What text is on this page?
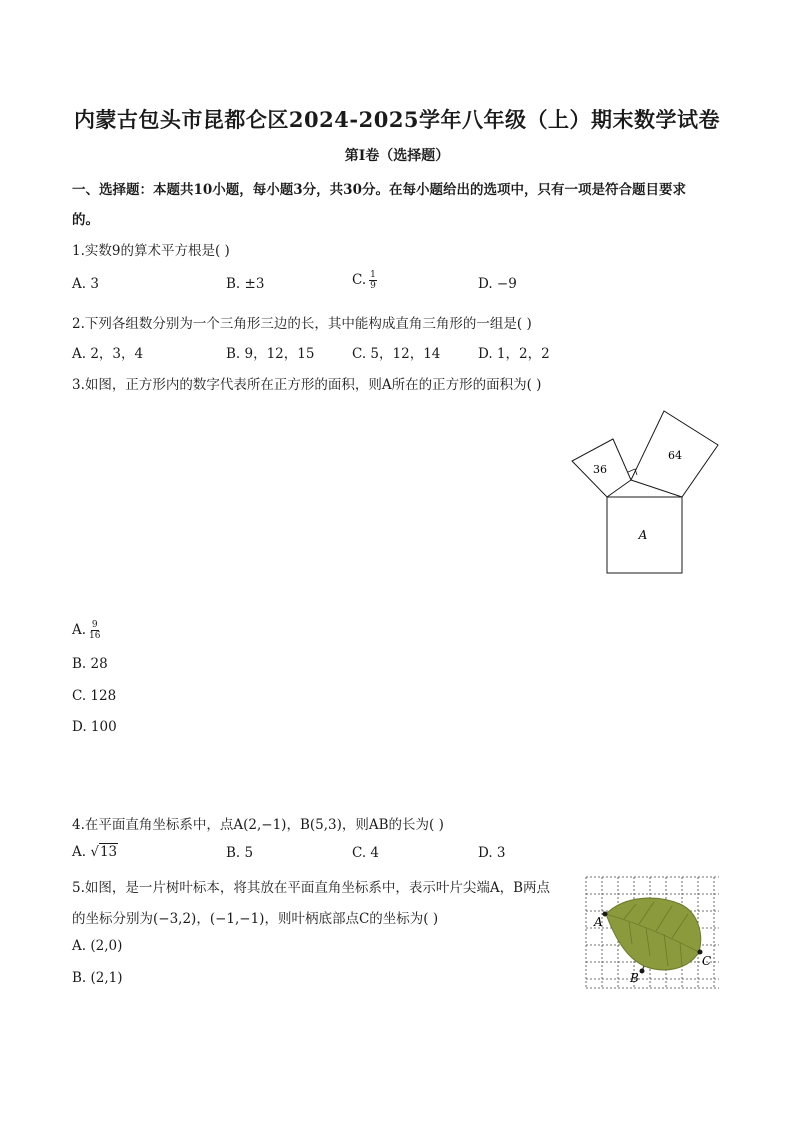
内蒙古包头市昆都仑区2024-2025学年八年级（上）期末数学试卷
第I卷（选择题）
一、选择题：本题共10小题，每小题3分，共30分。在每小题给出的选项中，只有一项是符合题目要求
的。
1.实数9的算术平方根是( )
A. 3	B. ±3	C. $\frac{1}{9}$	D. −9
2.下列各组数分别为一个三角形三边的长，其中能构成直角三角形的一组是( )
A. 2，3，4	B. 9，12，15	C. 5，12，14	D. 1，2，2
3.如图，正方形内的数字代表所在正方形的面积，则A所在的正方形的面积为( )
36
64
A
A. $\frac{9}{16}$
B. 28
C. 128
D. 100
4.在平面直角坐标系中，点A(2,−1)，B(5,3)，则AB的长为( )
A. √13	B. 5	C. 4	D. 3
5.如图，是一片树叶标本，将其放在平面直角坐标系中，表示叶片尖端A，B两点
的坐标分别为(−3,2)，(−1,−1)，则叶柄底部点C的坐标为( )
A. (2,0)
B. (2,1)
A
B
C
